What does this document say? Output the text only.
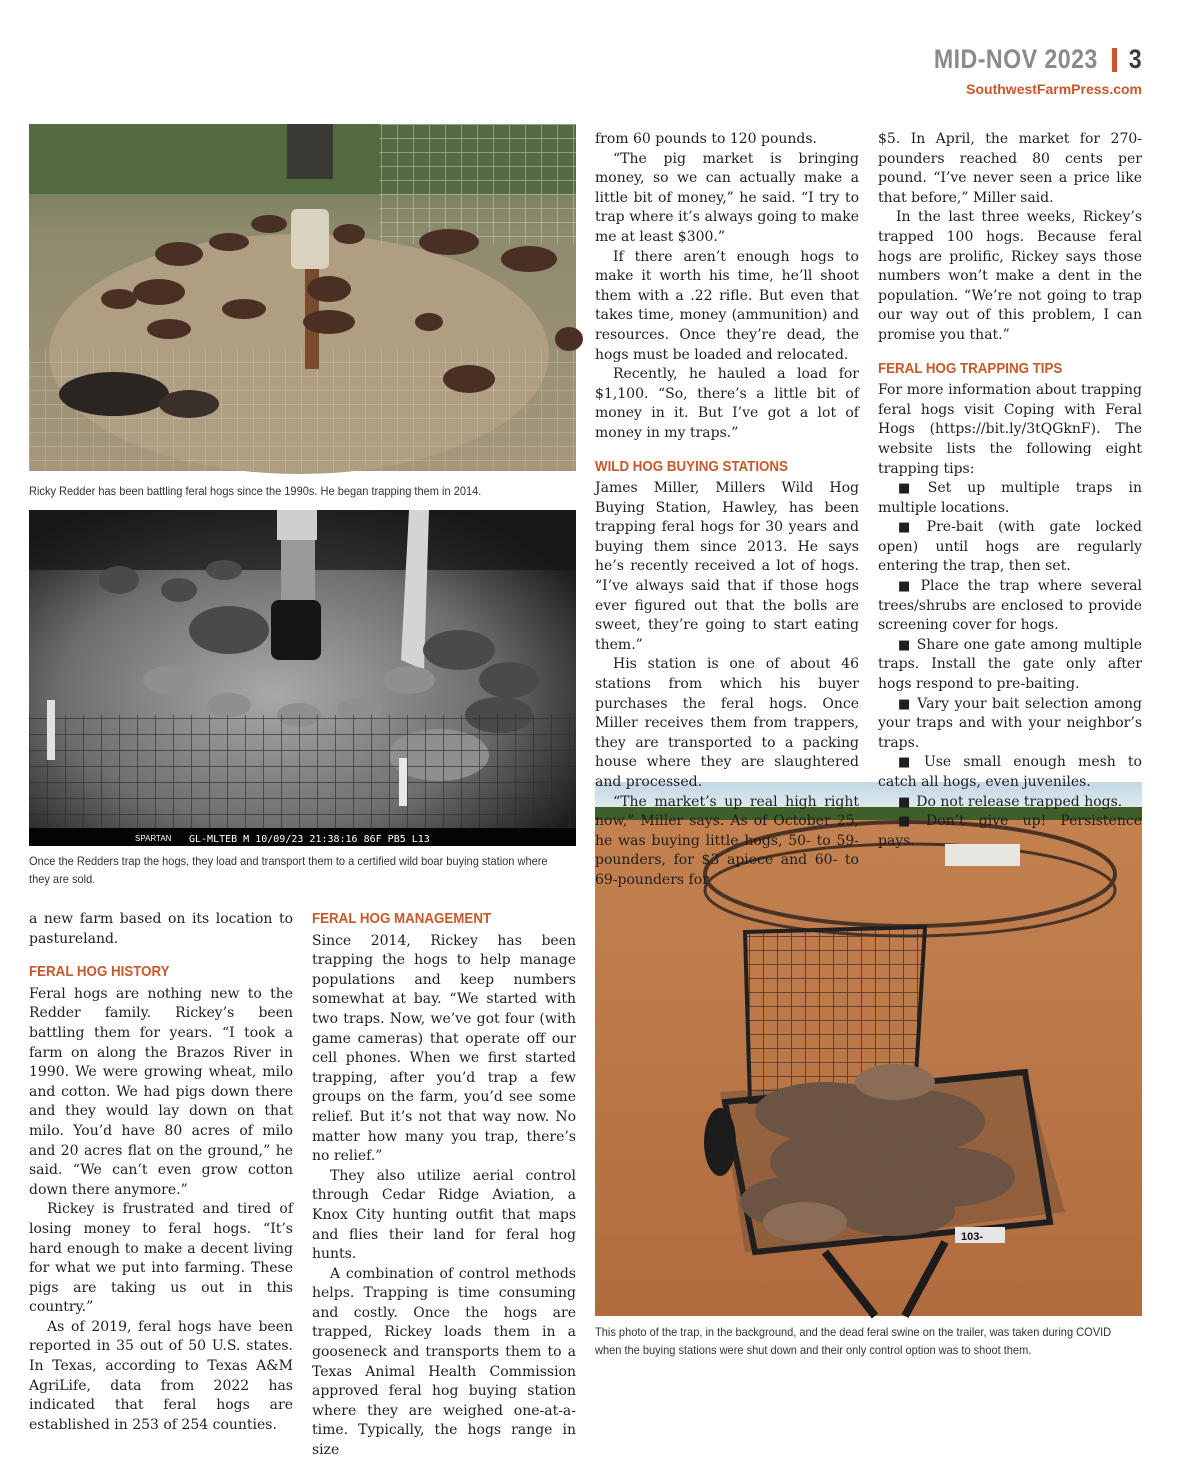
MID-NOV 2023 3
SouthwestFarmPress.com
Ricky Redder has been battling feral hogs since the 1990s. He began trapping them in 2014.
SPARTAN GL-MLTEB M 10/09/23 21:38:16 86F PB5 L13
Once the Redders trap the hogs, they load and transport them to a certified wild boar buying station where they are sold.
103-
This photo of the trap, in the background, and the dead feral swine on the trailer, was taken during COVID when the buying stations were shut down and their only control option was to shoot them.

a new farm based on its location to pastureland.

FERAL HOG HISTORY

Feral hogs are nothing new to the Redder family. Rickey’s been battling them for years. “I took a farm on along the Brazos River in 1990. We were growing wheat, milo and cotton. We had pigs down there and they would lay down on that milo. You’d have 80 acres of milo and 20 acres flat on the ground,” he said. “We can’t even grow cotton down there anymore.”

Rickey is frustrated and tired of losing money to feral hogs. “It’s hard enough to make a decent living for what we put into farming. These pigs are taking us out in this country.”

As of 2019, feral hogs have been reported in 35 out of 50 U.S. states. In Texas, according to Texas A&M AgriLife, data from 2022 has indicated that feral hogs are established in 253 of 254 counties.

FERAL HOG MANAGEMENT

Since 2014, Rickey has been trapping the hogs to help manage populations and keep numbers somewhat at bay. “We started with two traps. Now, we’ve got four (with game cameras) that operate off our cell phones. When we first started trapping, after you’d trap a few groups on the farm, you’d see some relief. But it’s not that way now. No matter how many you trap, there’s no relief.”

They also utilize aerial control through Cedar Ridge Aviation, a Knox City hunting outfit that maps and flies their land for feral hog hunts.

A combination of control methods helps. Trapping is time consuming and costly. Once the hogs are trapped, Rickey loads them in a gooseneck and transports them to a Texas Animal Health Commission approved feral hog buying station where they are weighed one-at-a-time. Typically, the hogs range in size

from 60 pounds to 120 pounds.

“The pig market is bringing money, so we can actually make a little bit of money,” he said. “I try to trap where it’s always going to make me at least $300.”

If there aren’t enough hogs to make it worth his time, he’ll shoot them with a .22 rifle. But even that takes time, money (ammunition) and resources. Once they’re dead, the hogs must be loaded and relocated.

Recently, he hauled a load for $1,100. “So, there’s a little bit of money in it. But I’ve got a lot of money in my traps.”

WILD HOG BUYING STATIONS

James Miller, Millers Wild Hog Buying Station, Hawley, has been trapping feral hogs for 30 years and buying them since 2013. He says he’s recently received a lot of hogs. “I’ve always said that if those hogs ever figured out that the bolls are sweet, they’re going to start eating them.”

His station is one of about 46 stations from which his buyer purchases the feral hogs. Once Miller receives them from trappers, they are transported to a packing house where they are slaughtered and processed.

“The market’s up real high right now,” Miller says. As of October 25, he was buying little hogs, 50- to 59-pounders, for $3 apiece and 60- to 69-pounders for

$5. In April, the market for 270-pounders reached 80 cents per pound. “I’ve never seen a price like that before,” Miller said.

In the last three weeks, Rickey’s trapped 100 hogs. Because feral hogs are prolific, Rickey says those numbers won’t make a dent in the population. “We’re not going to trap our way out of this problem, I can promise you that.”

FERAL HOG TRAPPING TIPS

For more information about trapping feral hogs visit Coping with Feral Hogs (https://bit.ly/3tQGknF). The website lists the following eight trapping tips:

■ Set up multiple traps in multiple locations.
■ Pre-bait (with gate locked open) until hogs are regularly entering the trap, then set.
■ Place the trap where several trees/shrubs are enclosed to provide screening cover for hogs.
■ Share one gate among multiple traps. Install the gate only after hogs respond to pre-baiting.
■ Vary your bait selection among your traps and with your neighbor’s traps.
■ Use small enough mesh to catch all hogs, even juveniles.
■ Do not release trapped hogs.
■ Don’t give up! Persistence pays.
